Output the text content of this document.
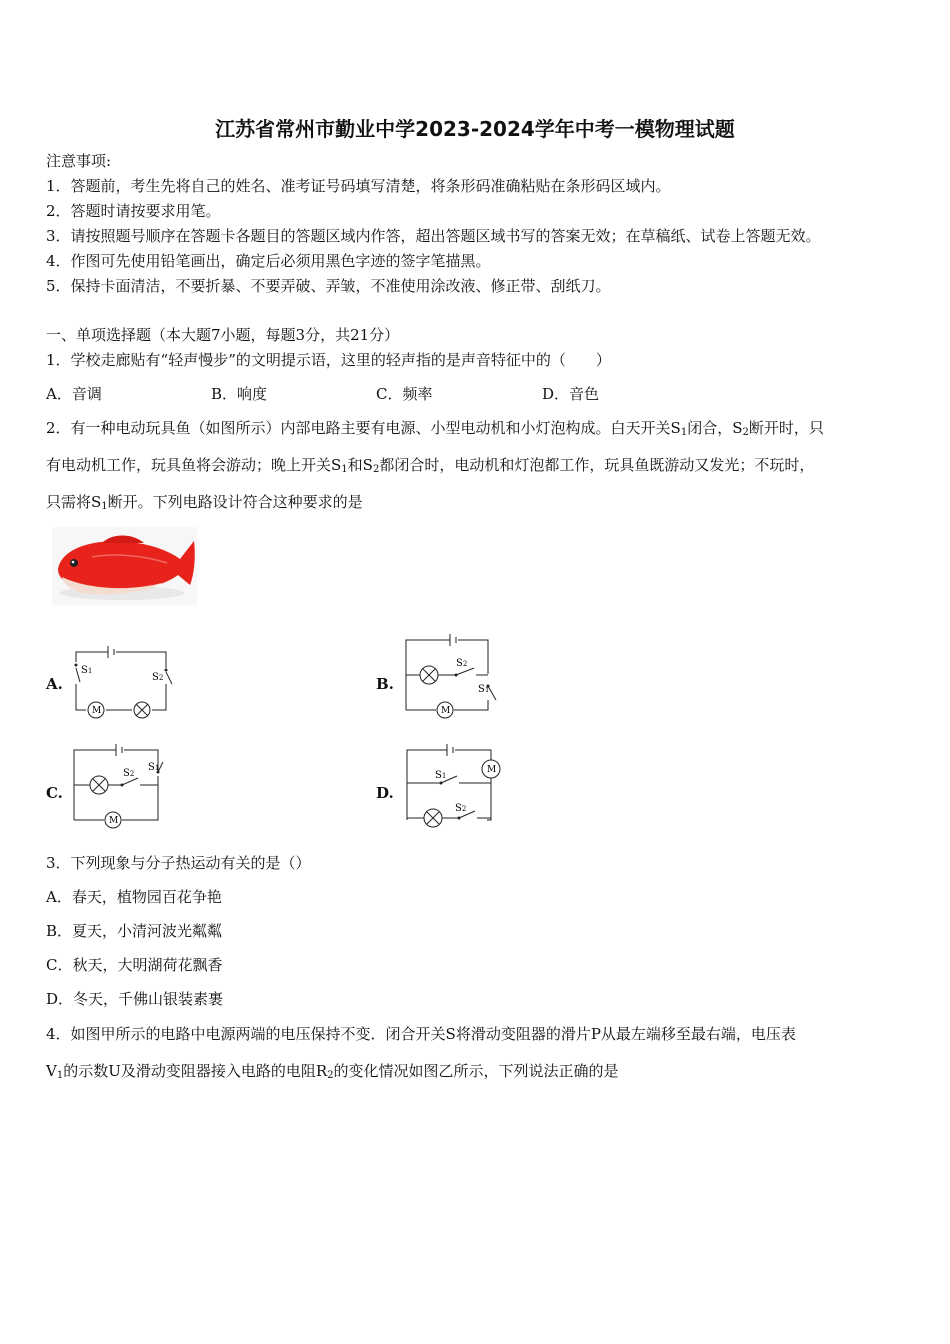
江苏省常州市勤业中学2023-2024学年中考一模物理试题
注意事项:
1．答题前，考生先将自己的姓名、准考证号码填写清楚，将条形码准确粘贴在条形码区域内。
2．答题时请按要求用笔。
3．请按照题号顺序在答题卡各题目的答题区域内作答，超出答题区域书写的答案无效；在草稿纸、试卷上答题无效。
4．作图可先使用铅笔画出，确定后必须用黑色字迹的签字笔描黑。
5．保持卡面清洁，不要折暴、不要弄破、弄皱，不准使用涂改液、修正带、刮纸刀。
一、单项选择题（本大题7小题，每题3分，共21分）
1．学校走廊贴有“轻声慢步”的文明提示语，这里的轻声指的是声音特征中的（　　）
A．音调	B．响度	C．频率	D．音色
2．有一种电动玩具鱼（如图所示）内部电路主要有电源、小型电动机和小灯泡构成。白天开关$S_1$闭合，$S_2$断开时，只
有电动机工作，玩具鱼将会游动；晚上开关$S_1$和$S_2$都闭合时，电动机和灯泡都工作，玩具鱼既游动又发光；不玩时，
只需将$S_1$断开。下列电路设计符合这种要求的是
A.	B.
C.	D.
M
S1
S2
M
S2
S1
M
S2
S1	M
S1
S2
3．下列现象与分子热运动有关的是（）
A．春天，植物园百花争艳
B．夏天，小清河波光粼粼
C．秋天，大明湖荷花飘香
D．冬天，千佛山银装素裹
4．如图甲所示的电路中电源两端的电压保持不变．闭合开关S将滑动变阻器的滑片P从最左端移至最右端，电压表
$V_1$的示数U及滑动变阻器接入电路的电阻$R_2$的变化情况如图乙所示，下列说法正确的是
